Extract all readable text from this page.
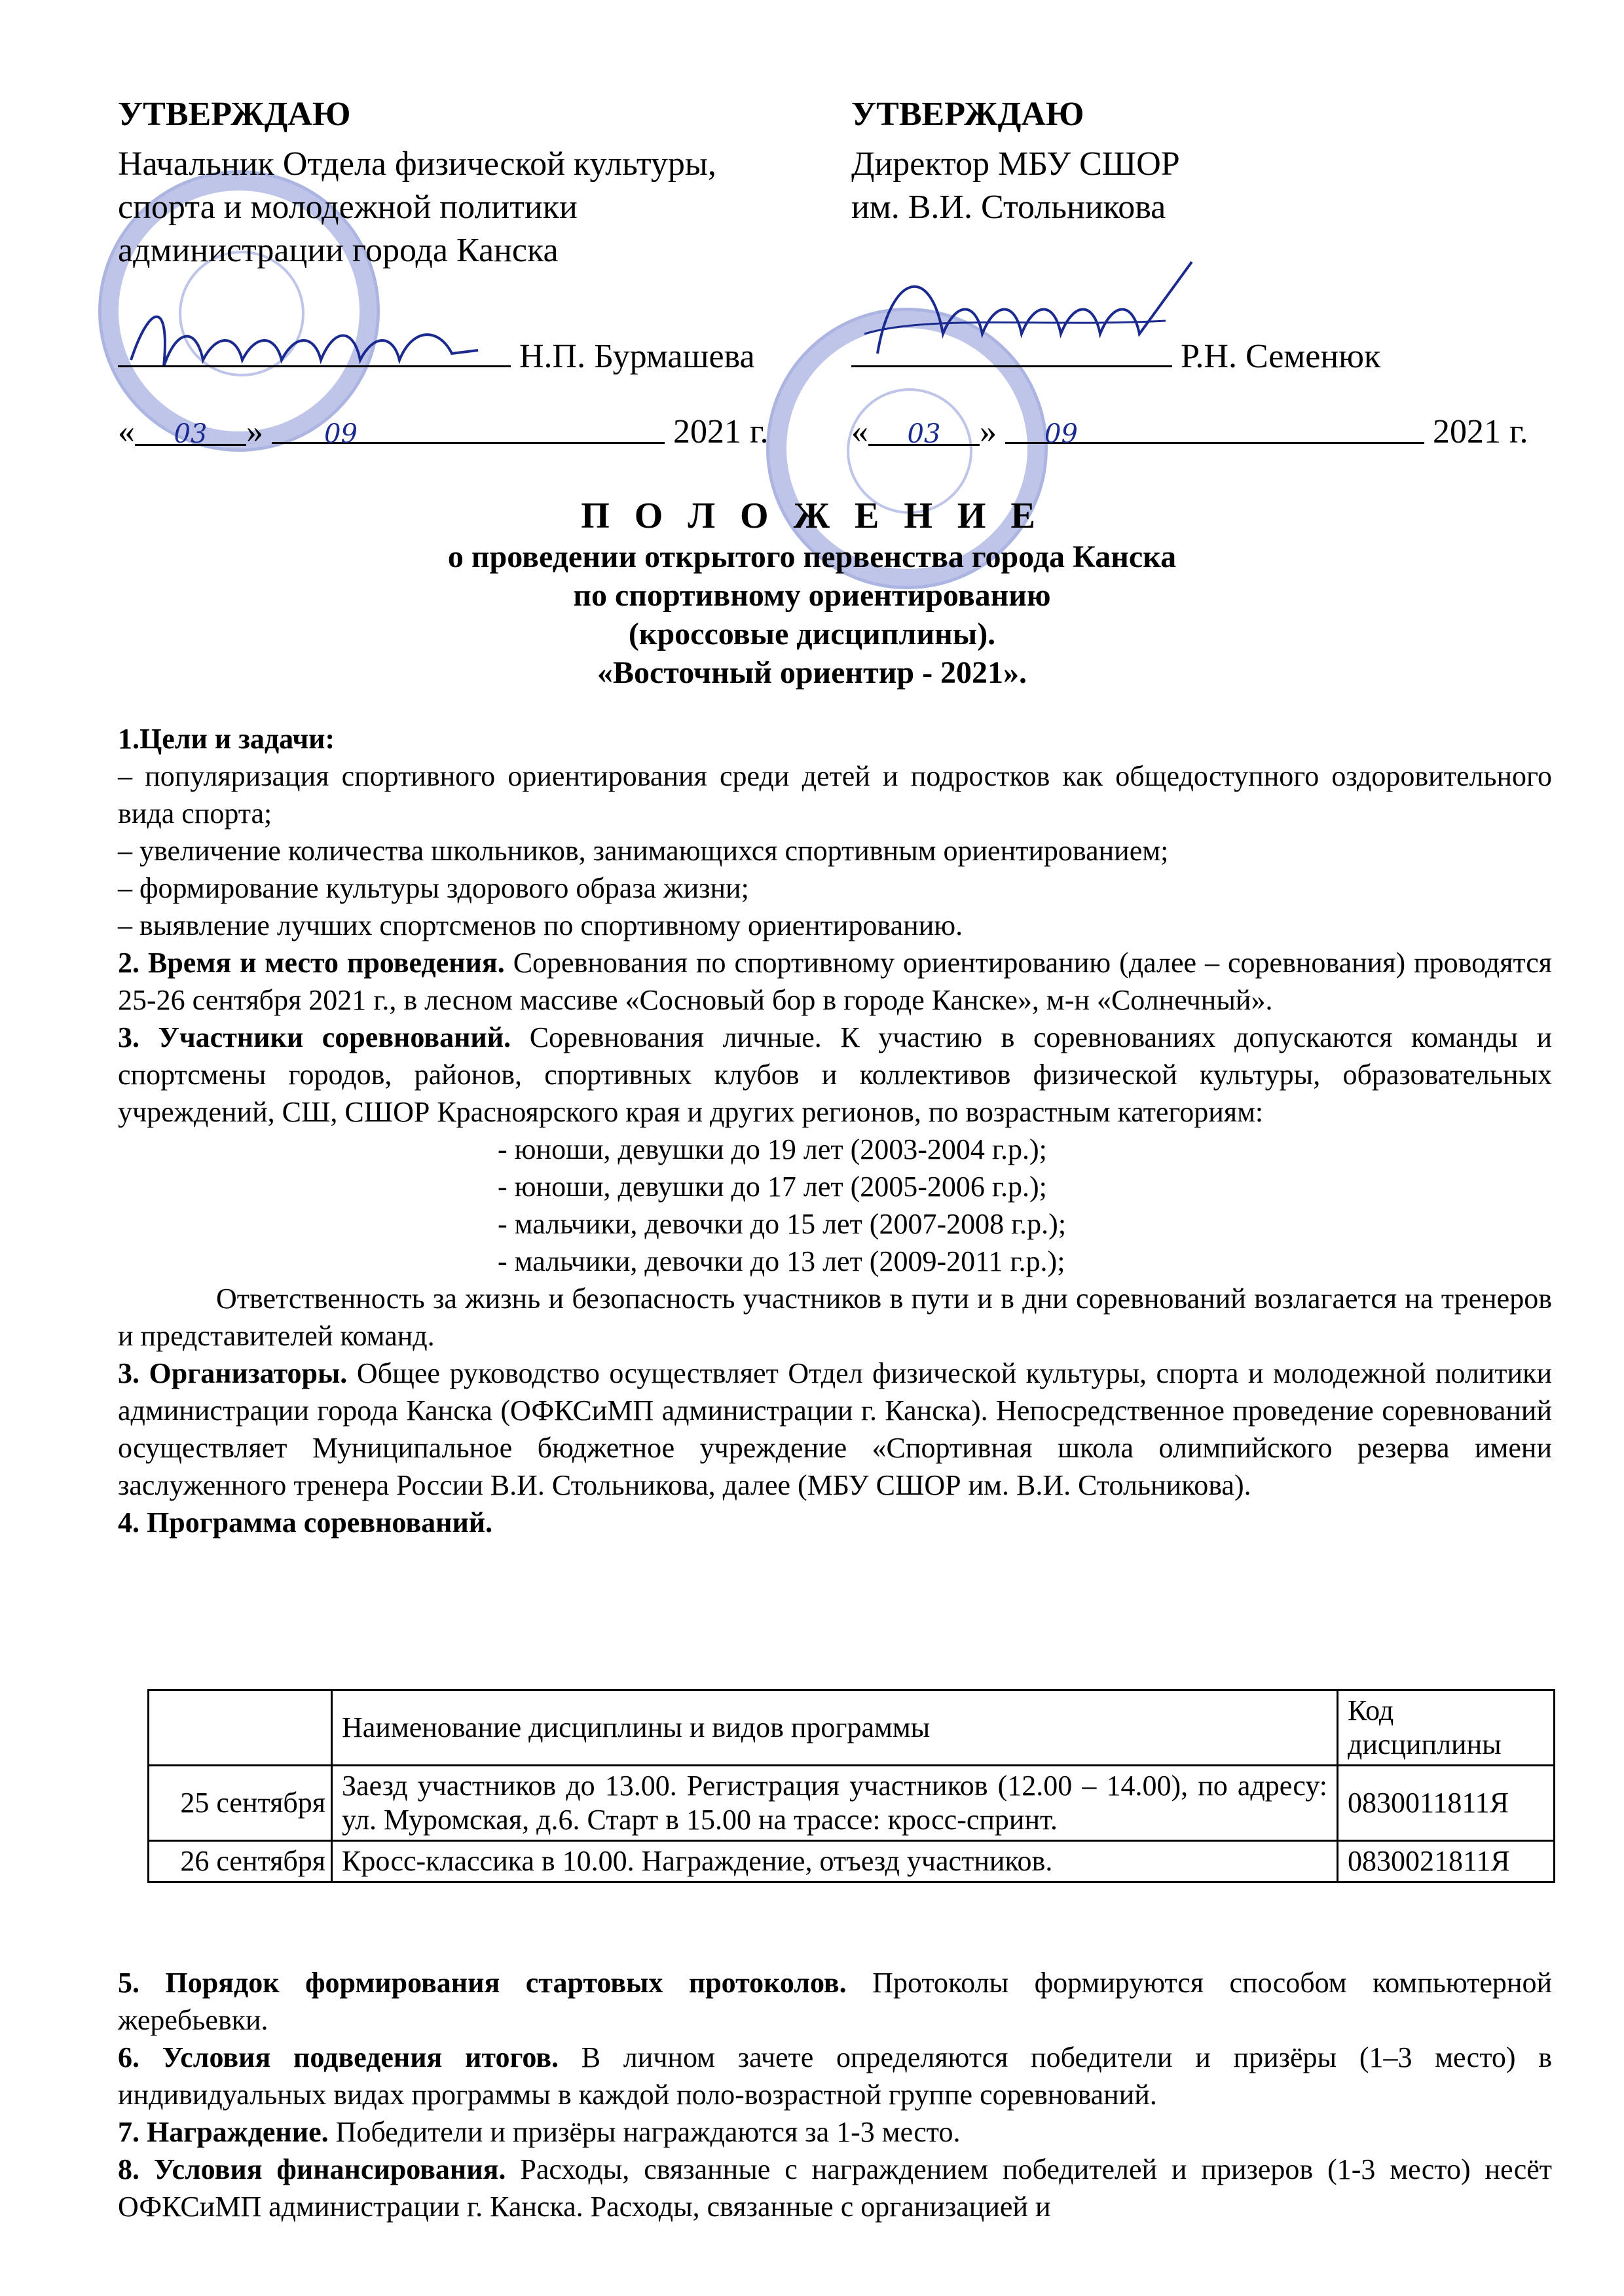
УТВЕРЖДАЮ
Начальник Отдела физической культуры,
спорта и молодежной политики
администрации города Канска
УТВЕРЖДАЮ
Директор МБУ СШОР
им. В.И. Стольникова
Н.П. Бурмашева	Р.Н. Семенюк
« 03 » 09	2021 г. « 03 » 09	2021 г.
П О Л О Ж Е Н И Е
о проведении открытого первенства города Канска
по спортивному ориентированию
(кроссовые дисциплины).
«Восточный ориентир - 2021».

1.Цели и задачи:

– популяризация спортивного ориентирования среди детей и подростков как общедоступного оздоровительного вида спорта;

– увеличение количества школьников, занимающихся спортивным ориентированием;

– формирование культуры здорового образа жизни;

– выявление лучших спортсменов по спортивному ориентированию.

2. Время и место проведения. Соревнования по спортивному ориентированию (далее – соревнования) проводятся 25-26 сентября 2021 г., в лесном массиве «Сосновый бор в городе Канске», м-н «Солнечный».

3. Участники соревнований. Соревнования личные. К участию в соревнованиях допускаются команды и спортсмены городов, районов, спортивных клубов и коллективов физической культуры, образовательных учреждений, СШ, СШОР Красноярского края и других регионов, по возрастным категориям:

- юноши, девушки до 19 лет (2003-2004 г.р.);

- юноши, девушки до 17 лет (2005-2006 г.р.);

- мальчики, девочки до 15 лет (2007-2008 г.р.);

- мальчики, девочки до 13 лет (2009-2011 г.р.);

Ответственность за жизнь и безопасность участников в пути и в дни соревнований возлагается на тренеров и представителей команд.

3. Организаторы. Общее руководство осуществляет Отдел физической культуры, спорта и молодежной политики администрации города Канска (ОФКСиМП администрации г. Канска). Непосредственное проведение соревнований осуществляет Муниципальное бюджетное учреждение «Спортивная школа олимпийского резерва имени заслуженного тренера России В.И. Стольникова, далее (МБУ СШОР им. В.И. Стольникова).

4. Программа соревнований.

	Наименование дисциплины и видов программы	Код дисциплины
25 сентября	Заезд участников до 13.00. Регистрация участников (12.00 – 14.00), по адресу: ул. Муромская, д.6. Старт в 15.00 на трассе: кросс-спринт.	0830011811Я
26 сентября	Кросс-классика в 10.00. Награждение, отъезд участников.	0830021811Я

5. Порядок формирования стартовых протоколов. Протоколы формируются способом компьютерной жеребьевки.

6. Условия подведения итогов. В личном зачете определяются победители и призёры (1–3 место) в индивидуальных видах программы в каждой поло-возрастной группе соревнований.

7. Награждение. Победители и призёры награждаются за 1-3 место.

8. Условия финансирования. Расходы, связанные с награждением победителей и призеров (1-3 место) несёт ОФКСиМП администрации г. Канска. Расходы, связанные с организацией и
